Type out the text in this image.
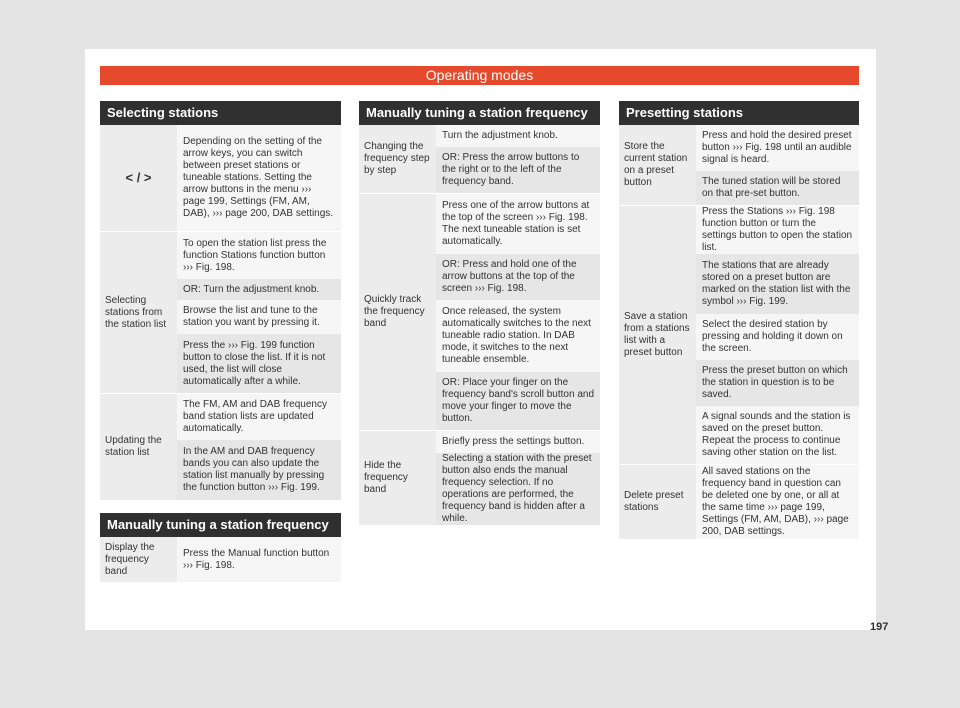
Operating modes
197
Selecting stations
< / >
Depending on the setting of the arrow keys, you can switch between preset stations or tuneable stations. Setting the arrow buttons in the menu ››› page 199, Settings (FM, AM, DAB), ››› page 200, DAB settings.
Selecting stations from the station list
To open the station list press the function Stations function button ››› Fig. 198.
OR: Turn the adjustment knob.
Browse the list and tune to the station you want by pressing it.
Press the ››› Fig. 199 function button to close the list. If it is not used, the list will close automatically after a while.
Updating the station list
The FM, AM and DAB frequency band station lists are updated automatically.
In the AM and DAB frequency bands you can also update the station list manually by pressing the function button ››› Fig. 199.
Manually tuning a station frequency
Display the frequency band
Press the Manual function button ››› Fig. 198.
Manually tuning a station frequency
Changing the frequency step by step
Turn the adjustment knob.
OR: Press the arrow buttons to the right or to the left of the frequency band.
Quickly track the frequency band
Press one of the arrow buttons at the top of the screen ››› Fig. 198. The next tuneable station is set automatically.
OR: Press and hold one of the arrow buttons at the top of the screen ››› Fig. 198.
Once released, the system automatically switches to the next tuneable radio station. In DAB mode, it switches to the next tuneable ensemble.
OR: Place your finger on the frequency band's scroll button and move your finger to move the button.
Hide the frequency band
Briefly press the settings button.
Selecting a station with the preset button also ends the manual frequency selection. If no operations are performed, the frequency band is hidden after a while.
Presetting stations
Store the current station on a preset button
Press and hold the desired preset button ››› Fig. 198 until an audible signal is heard.
The tuned station will be stored on that pre-set button.
Save a station from a stations list with a preset button
Press the Stations ››› Fig. 198 function button or turn the settings button to open the station list.
The stations that are already stored on a preset button are marked on the station list with the symbol ››› Fig. 199.
Select the desired station by pressing and holding it down on the screen.
Press the preset button on which the station in question is to be saved.
A signal sounds and the station is saved on the preset button. Repeat the process to continue saving other station on the list.
Delete preset stations
All saved stations on the frequency band in question can be deleted one by one, or all at the same time ››› page 199, Settings (FM, AM, DAB), ››› page 200, DAB settings.
